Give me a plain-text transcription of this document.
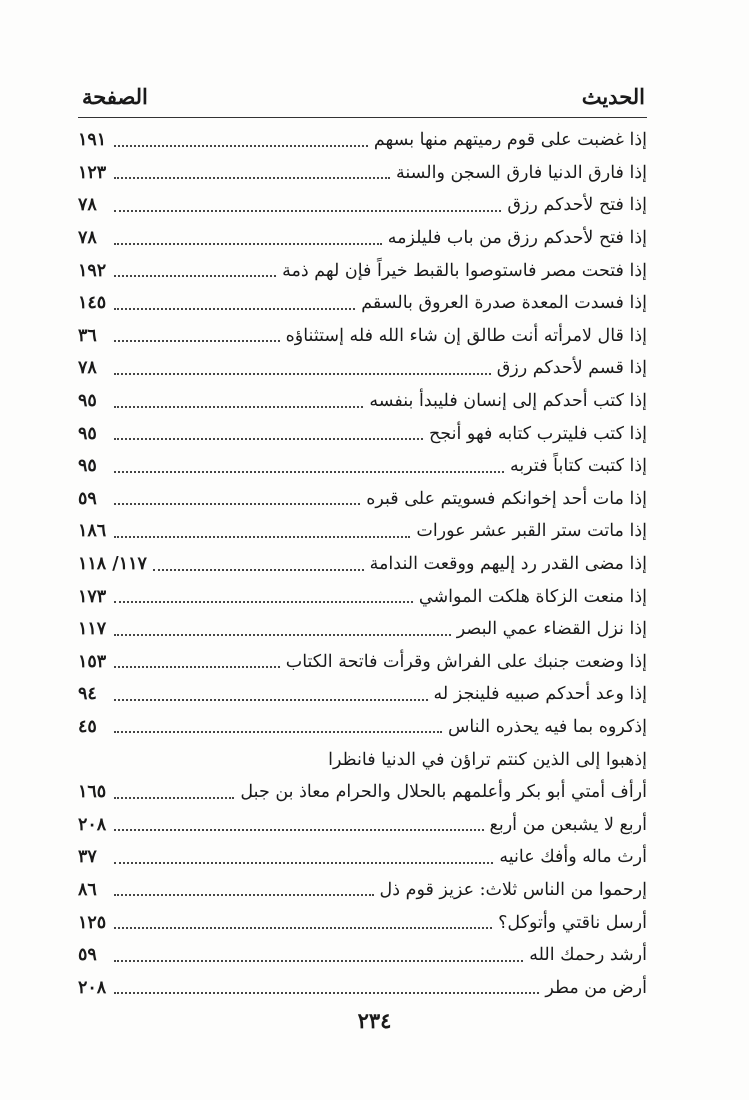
الحديث
الصفحة
إذا غضبت على قوم رميتهم منها بسهم
١٩١
إذا فارق الدنيا فارق السجن والسنة
١٢٣
إذا فتح لأحدكم رزق
٧٨
إذا فتح لأحدكم رزق من باب فليلزمه
٧٨
إذا فتحت مصر فاستوصوا بالقبط خيراً فإن لهم ذمة
١٩٢
إذا فسدت المعدة صدرة العروق بالسقم
١٤٥
إذا قال لامرأته أنت طالق إن شاء الله فله إستثناؤه
٣٦
إذا قسم لأحدكم رزق
٧٨
إذا كتب أحدكم إلى إنسان فليبدأ بنفسه
٩٥
إذا كتب فليترب كتابه فهو أنجح
٩٥
إذا كتبت كتاباً فتربه
٩٥
إذا مات أحد إخوانكم فسويتم على قبره
٥٩
إذا ماتت ستر القبر عشر عورات
١٨٦
إذا مضى القدر رد إليهم ووقعت الندامة
١١٧/ ١١٨
إذا منعت الزكاة هلكت المواشي
١٧٣
إذا نزل القضاء عمي البصر
١١٧
إذا وضعت جنبك على الفراش وقرأت فاتحة الكتاب
١٥٣
إذا وعد أحدكم صبيه فلينجز له
٩٤
إذكروه بما فيه يحذره الناس
٤٥
إذهبوا إلى الذين كنتم تراؤن في الدنيا فانظرا
أرأف أمتي أبو بكر وأعلمهم بالحلال والحرام معاذ بن جبل
١٦٥
أربع لا يشبعن من أربع
٢٠٨
أرث ماله وأفك عانيه
٣٧
إرحموا من الناس ثلاث: عزيز قوم ذل
٨٦
أرسل ناقتي وأتوكل؟
١٢٥
أرشد رحمك الله
٥٩
أرض من مطر
٢٠٨
٢٣٤
